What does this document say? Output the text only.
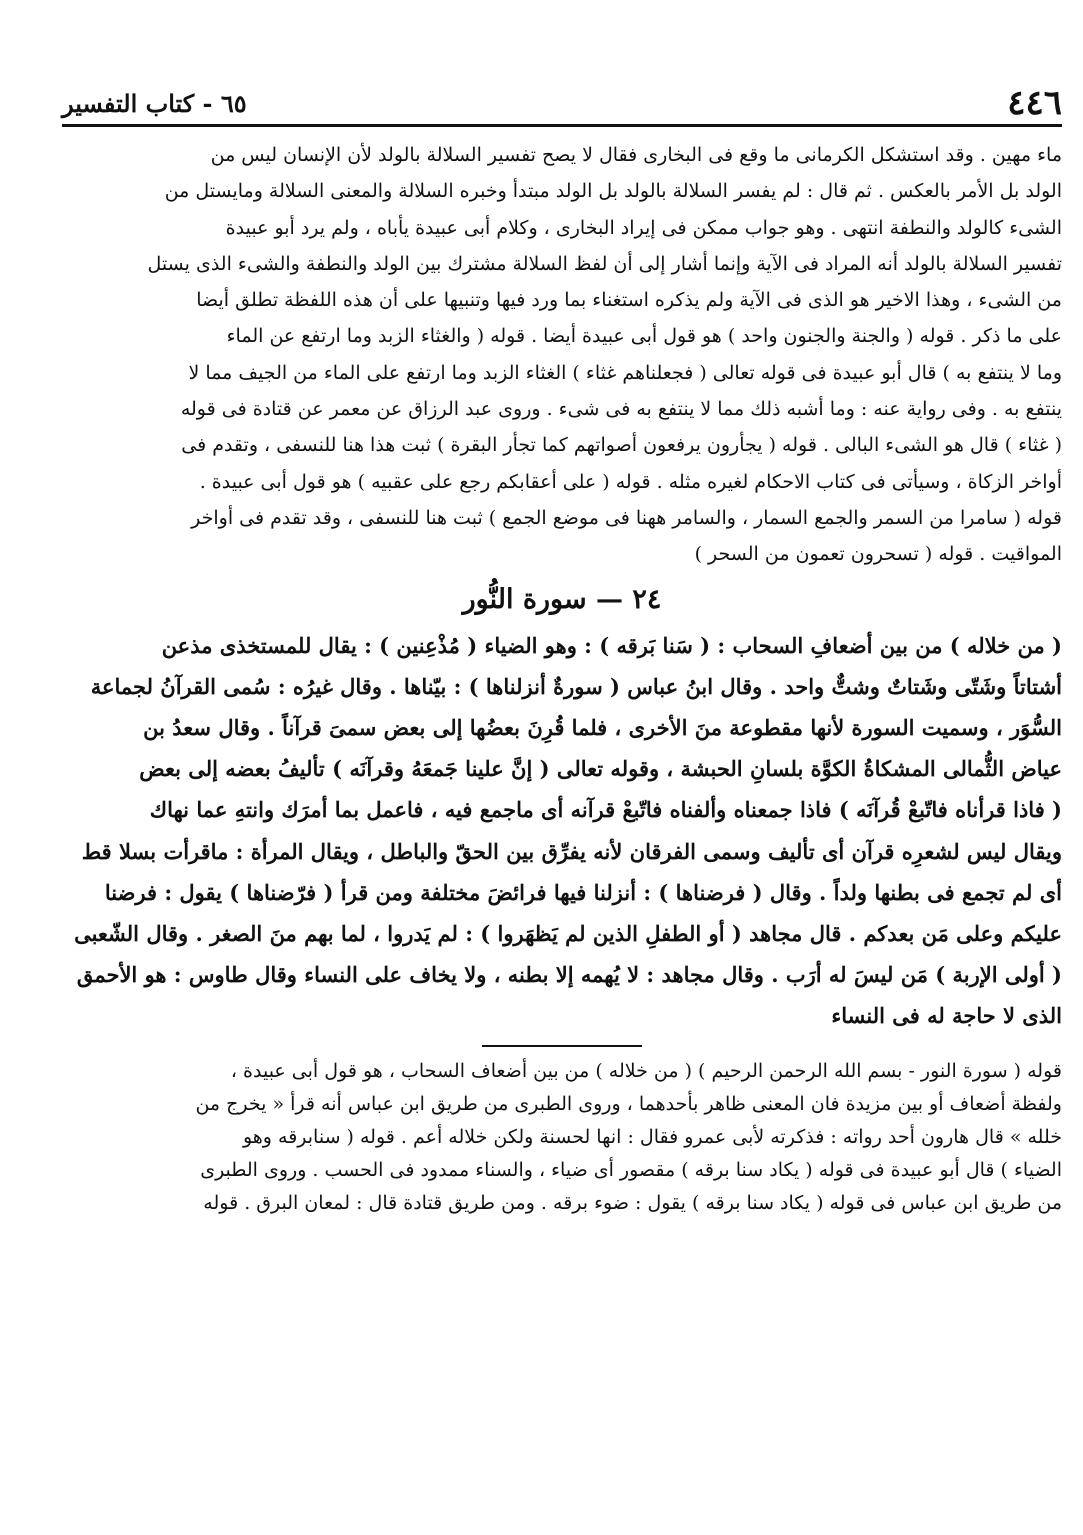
٤٤٦
٦٥ - كتاب التفسير

ماء مهين . وقد استشكل الكرمانى ما وقع فى البخارى فقال لا يصح تفسير السلالة بالولد لأن الإنسان ليس من

الولد بل الأمر بالعكس . ثم قال : لم يفسر السلالة بالولد بل الولد مبتدأ وخبره السلالة والمعنى السلالة ومايستل من

الشىء كالولد والنطفة انتهى . وهو جواب ممكن فى إيراد البخارى ، وكلام أبى عبيدة يأباه ، ولم يرد أبو عبيدة

تفسير السلالة بالولد أنه المراد فى الآية وإنما أشار إلى أن لفظ السلالة مشترك بين الولد والنطفة والشىء الذى يستل

من الشىء ، وهذا الاخير هو الذى فى الآية ولم يذكره استغناء بما ورد فيها وتنبيها على أن هذه اللفظة تطلق أيضا

على ما ذكر . قوله ( والجنة والجنون واحد ) هو قول أبى عبيدة أيضا . قوله ( والغثاء الزبد وما ارتفع عن الماء

وما لا ينتفع به ) قال أبو عبيدة فى قوله تعالى ( فجعلناهم غثاء ) الغثاء الزبد وما ارتفع على الماء من الجيف مما لا

ينتفع به . وفى رواية عنه : وما أشبه ذلك مما لا ينتفع به فى شىء . وروى عبد الرزاق عن معمر عن قتادة فى قوله

( غثاء ) قال هو الشىء البالى . قوله ( يجأرون يرفعون أصواتهم كما تجأر البقرة ) ثبت هذا هنا للنسفى ، وتقدم فى

أواخر الزكاة ، وسيأتى فى كتاب الاحكام لغيره مثله . قوله ( على أعقابكم رجع على عقبيه ) هو قول أبى عبيدة .

قوله ( سامرا من السمر والجمع السمار ، والسامر ههنا فى موضع الجمع ) ثبت هنا للنسفى ، وقد تقدم فى أواخر

المواقيت . قوله ( تسحرون تعمون من السحر )

٢٤ — سورة النُّور

( من خلاله ) من بين أضعافِ السحاب : ( سَنا بَرقه ) : وهو الضياء ( مُذْعِنين ) : يقال للمستخذى مذعن

أشتاتاً وشَتّى وشَتاتٌ وشتٌّ واحد . وقال ابنُ عباس ( سورةٌ أنزلناها ) : بيّناها . وقال غيرُه : سُمى القرآنُ لجماعة

السُّوَر ، وسميت السورة لأنها مقطوعة منَ الأخرى ، فلما قُرِنَ بعضُها إلى بعض سمىَ قرآناً . وقال سعدُ بن

عياض الثُّمالى المشكاةُ الكوَّة بلسانِ الحبشة ، وقوله تعالى ( إنَّ علينا جَمعَهُ وقرآنَه ) تأليفُ بعضه إلى بعض

( فاذا قرأناه فاتّبعْ قُرآنَه ) فاذا جمعناه وألفناه فاتّبعْ قرآنه أى ماجمع فيه ، فاعمل بما أمرَك وانتهِ عما نهاك

ويقال ليس لشعرِه قرآن أى تأليف وسمى الفرقان لأنه يفرِّق بين الحقّ والباطل ، ويقال المرأة : ماقرأت بسلا قط

أى لم تجمع فى بطنها ولداً . وقال ( فرضناها ) : أنزلنا فيها فرائضَ مختلفة ومن قرأ ( فرّضناها ) يقول : فرضنا

عليكم وعلى مَن بعدكم . قال مجاهد ( أو الطفلِ الذين لم يَظهَروا ) : لم يَدروا ، لما بهم منَ الصغر . وقال الشّعبى

( أولى الإربة ) مَن ليسَ له أرَب . وقال مجاهد : لا يُهمه إلا بطنه ، ولا يخاف على النساء وقال طاوس : هو الأحمق

الذى لا حاجة له فى النساء

قوله ( سورة النور - بسم الله الرحمن الرحيم ) ( من خلاله ) من بين أضعاف السحاب ، هو قول أبى عبيدة ،

ولفظة أضعاف أو بين مزيدة فان المعنى ظاهر بأحدهما ، وروى الطبرى من طريق ابن عباس أنه قرأ « يخرج من

خلله » قال هارون أحد رواته : فذكرته لأبى عمرو فقال : انها لحسنة ولكن خلاله أعم . قوله ( سنابرقه وهو

الضياء ) قال أبو عبيدة فى قوله ( يكاد سنا برقه ) مقصور أى ضياء ، والسناء ممدود فى الحسب . وروى الطبرى

من طريق ابن عباس فى قوله ( يكاد سنا برقه ) يقول : ضوء برقه . ومن طريق قتادة قال : لمعان البرق . قوله
